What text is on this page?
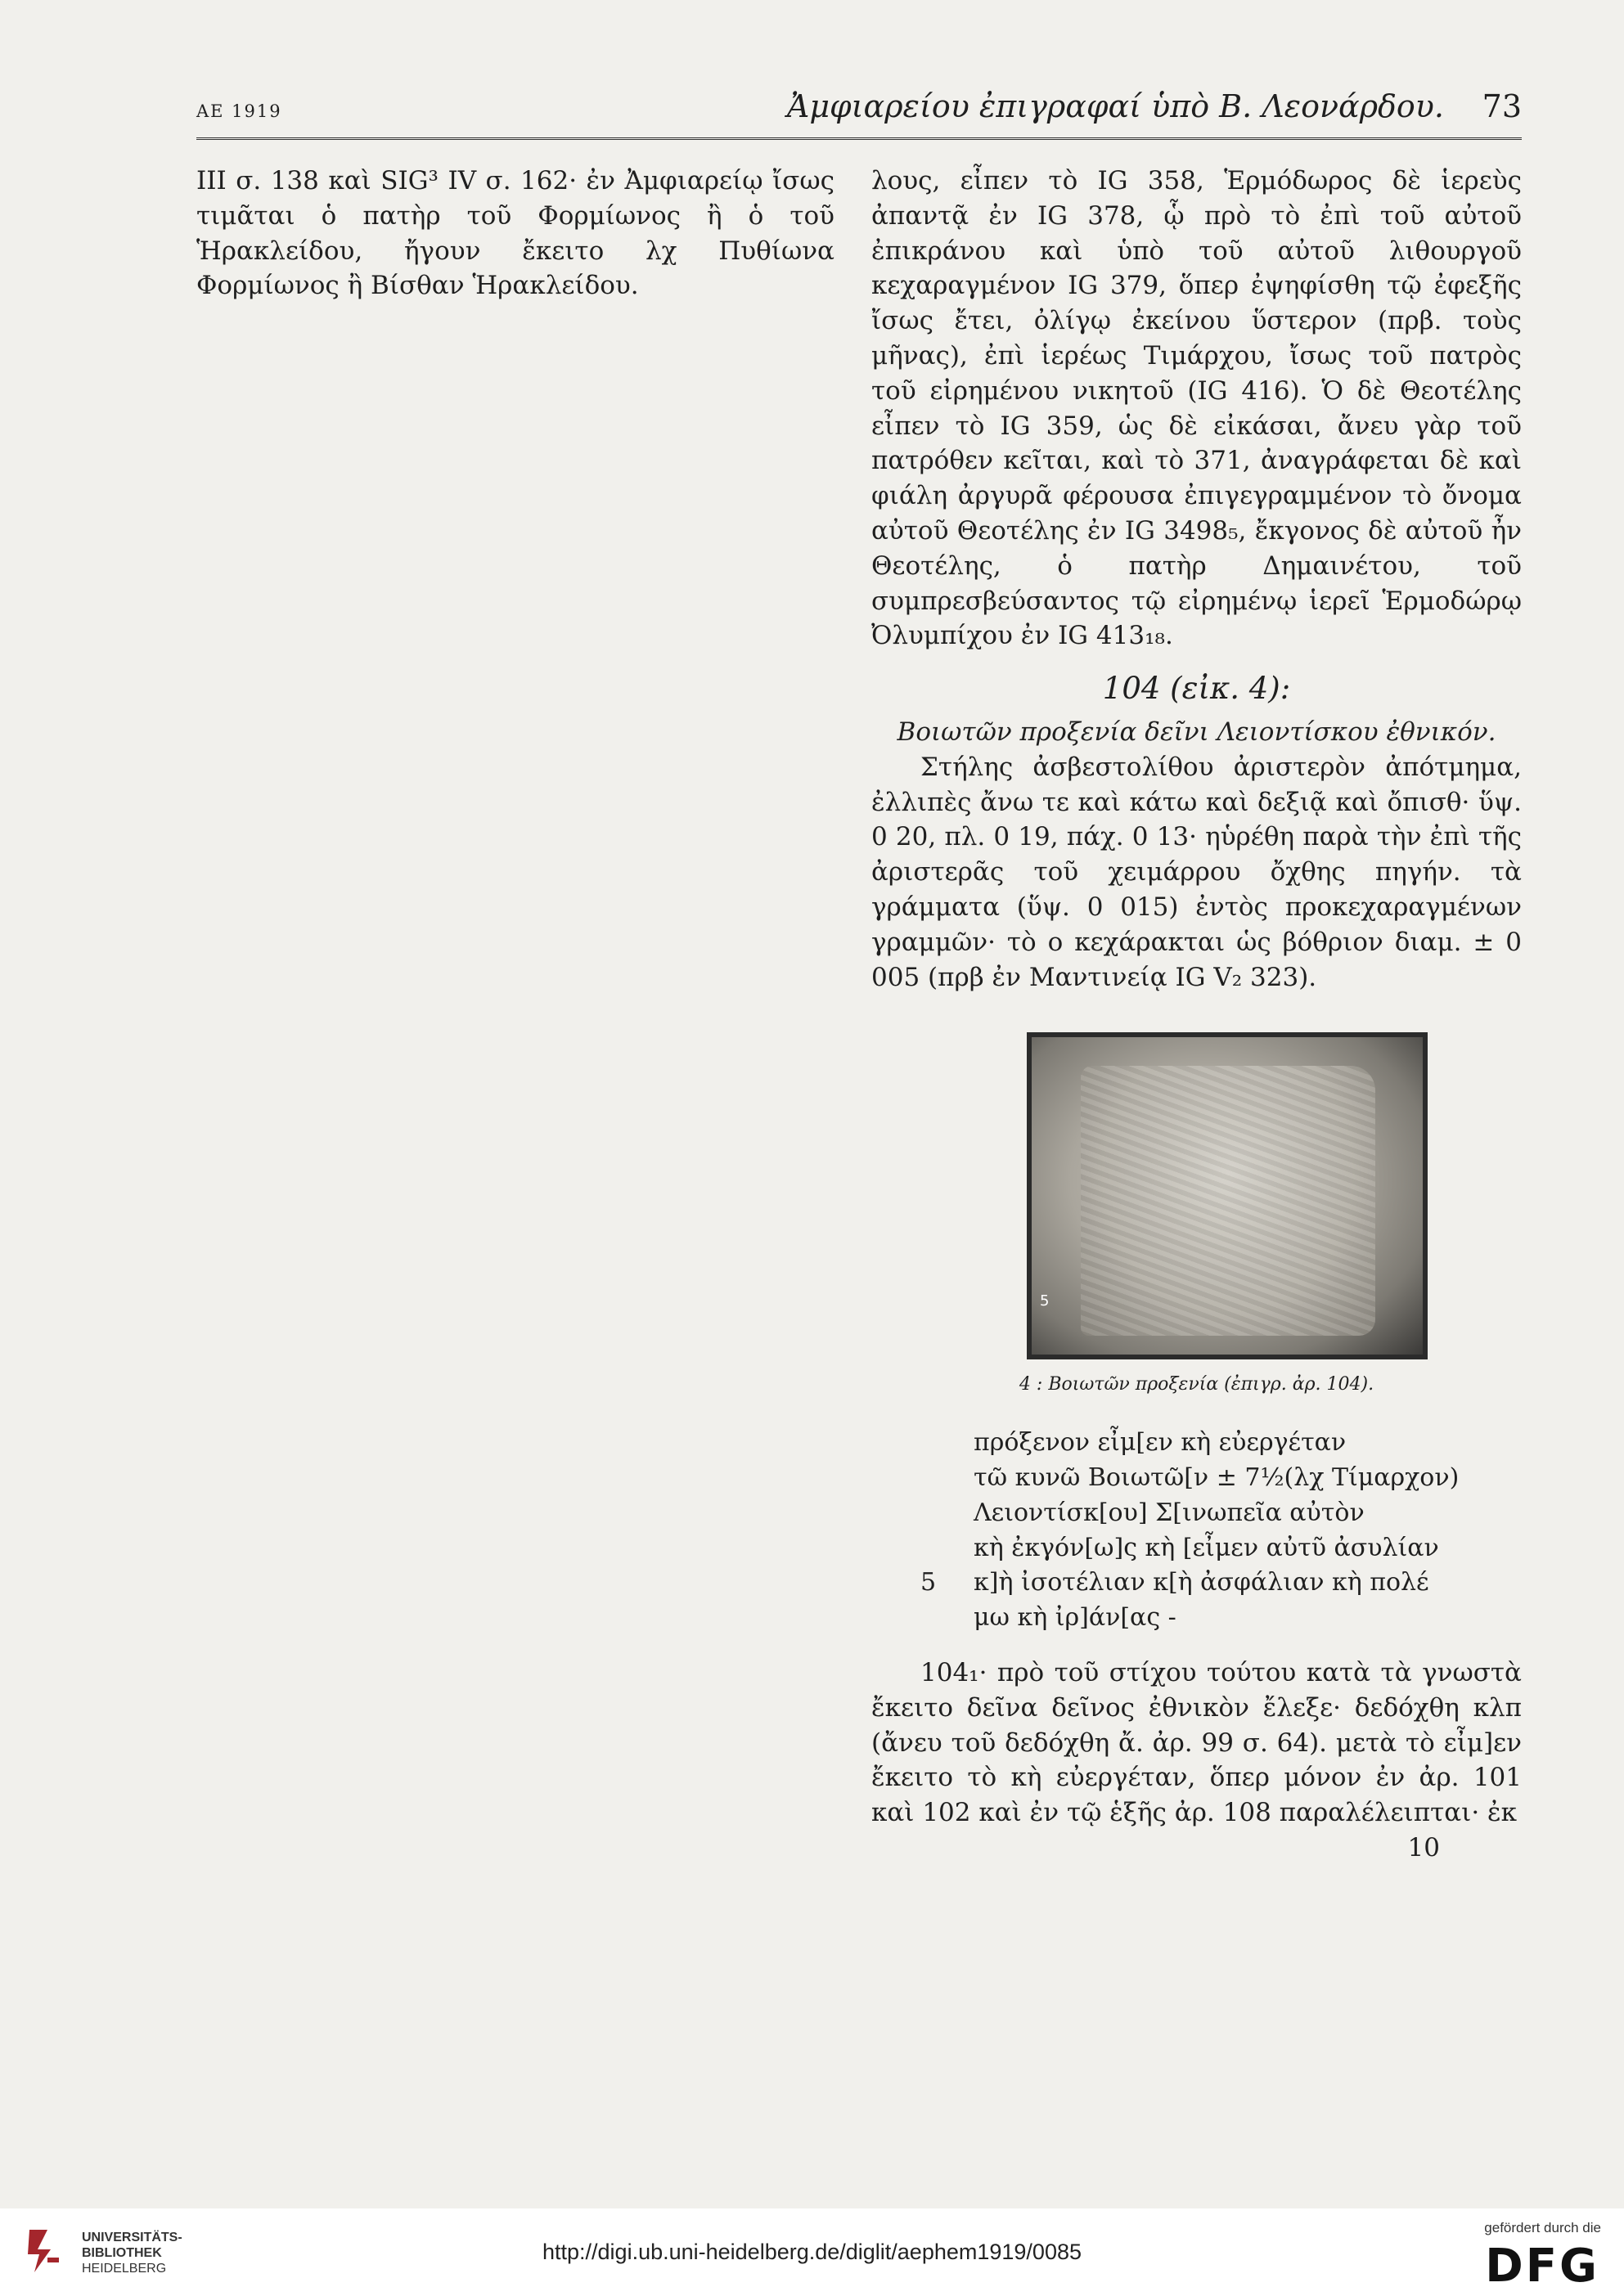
ΑΕ 1919	Ἀμφιαρείου ἐπιγραφαί ὑπὸ Β. Λεονάρδου. 73

ΙΙΙ σ. 138 καὶ SIG³ IV σ. 162· ἐν Ἀμφιαρείῳ ἴσως τιμᾶται ὁ πατὴρ τοῦ Φορμίωνος ἢ ὁ τοῦ Ἡρακλείδου, ἤγουν ἔκειτο λχ Πυθίωνα Φορμίωνος ἢ Βίσθαν Ἡρακλείδου.

λους, εἶπεν τὸ IG 358, Ἑρμόδωρος δὲ ἱερεὺς ἀπαντᾷ ἐν IG 378, ᾧ πρὸ τὸ ἐπὶ τοῦ αὐτοῦ ἐπικράνου καὶ ὑπὸ τοῦ αὐτοῦ λιθουργοῦ κεχαραγμένον IG 379, ὅπερ ἐψηφίσθη τῷ ἐφεξῆς ἴσως ἔτει, ὀλίγῳ ἐκείνου ὕστερον (πρβ. τοὺς μῆνας), ἐπὶ ἱερέως Τιμάρχου, ἴσως τοῦ πατρὸς τοῦ εἰρημένου νικητοῦ (IG 416). Ὁ δὲ Θεοτέλης εἶπεν τὸ IG 359, ὡς δὲ εἰκάσαι, ἄνευ γὰρ τοῦ πατρόθεν κεῖται, καὶ τὸ 371, ἀναγράφεται δὲ καὶ φιάλη ἀργυρᾶ φέρουσα ἐπιγεγραμμένον τὸ ὄνομα αὐτοῦ Θεοτέλης ἐν IG 3498₅, ἔκγονος δὲ αὐτοῦ ἦν Θεοτέλης, ὁ πατὴρ Δημαινέτου, τοῦ συμπρεσβεύσαντος τῷ εἰρημένῳ ἱερεῖ Ἑρμοδώρῳ Ὀλυμπίχου ἐν IG 413₁₈.

104 (εἰκ. 4):

Βοιωτῶν προξενία δεῖνι Λειοντίσκου ἐθνικόν.

Στήλης ἀσβεστολίθου ἀριστερὸν ἀπότμημα, ἐλλιπὲς ἄνω τε καὶ κάτω καὶ δεξιᾷ καὶ ὄπισθ· ὕψ. 0 20, πλ. 0 19, πάχ. 0 13· ηὑρέθη παρὰ τὴν ἐπὶ τῆς ἀριστερᾶς τοῦ χειμάρρου ὄχθης πηγήν. τὰ γράμματα (ὕψ. 0 015) ἐντὸς προκεχαραγμένων γραμμῶν· τὸ ο κεχάρακται ὡς βόθριον διαμ. ± 0 005 (πρβ ἐν Μαντινείᾳ IG V₂ 323).

5

4 : Βοιωτῶν προξενία (ἐπιγρ. ἀρ. 104).

πρόξενον εἶμ[εν κὴ εὐεργέταν
τῶ κυνῶ Βοιωτῶ[ν ± 7½(λχ Τίμαρχον)
Λειοντίσκ[ου] Σ[ινωπεῖα αὐτὸν
κὴ ἐκγόν[ω]ς κὴ [εἶμεν αὐτῦ ἀσυλίαν
5 κ]ὴ ἰσοτέλιαν κ[ὴ ἀσφάλιαν κὴ πολέ
μω κὴ ἰρ]άν[ας -

104₁· πρὸ τοῦ στίχου τούτου κατὰ τὰ γνωστὰ ἔκειτο δεῖνα δεῖνος ἐθνικὸν ἔλεξε· δεδόχθη κλπ (ἄνευ τοῦ δεδόχθη ἄ. ἀρ. 99 σ. 64). μετὰ τὸ εἶμ]εν ἔκειτο τὸ κὴ εὐεργέταν, ὅπερ μόνον ἐν ἀρ. 101 καὶ 102 καὶ ἐν τῷ ἑξῆς ἀρ. 108 παραλέλειπται· ἐκ

10

UNIVERSITÄTS-
BIBLIOTHEK
HEIDELBERG
http://digi.ub.uni-heidelberg.de/diglit/aephem1919/0085
gefördert durch die
DFG
